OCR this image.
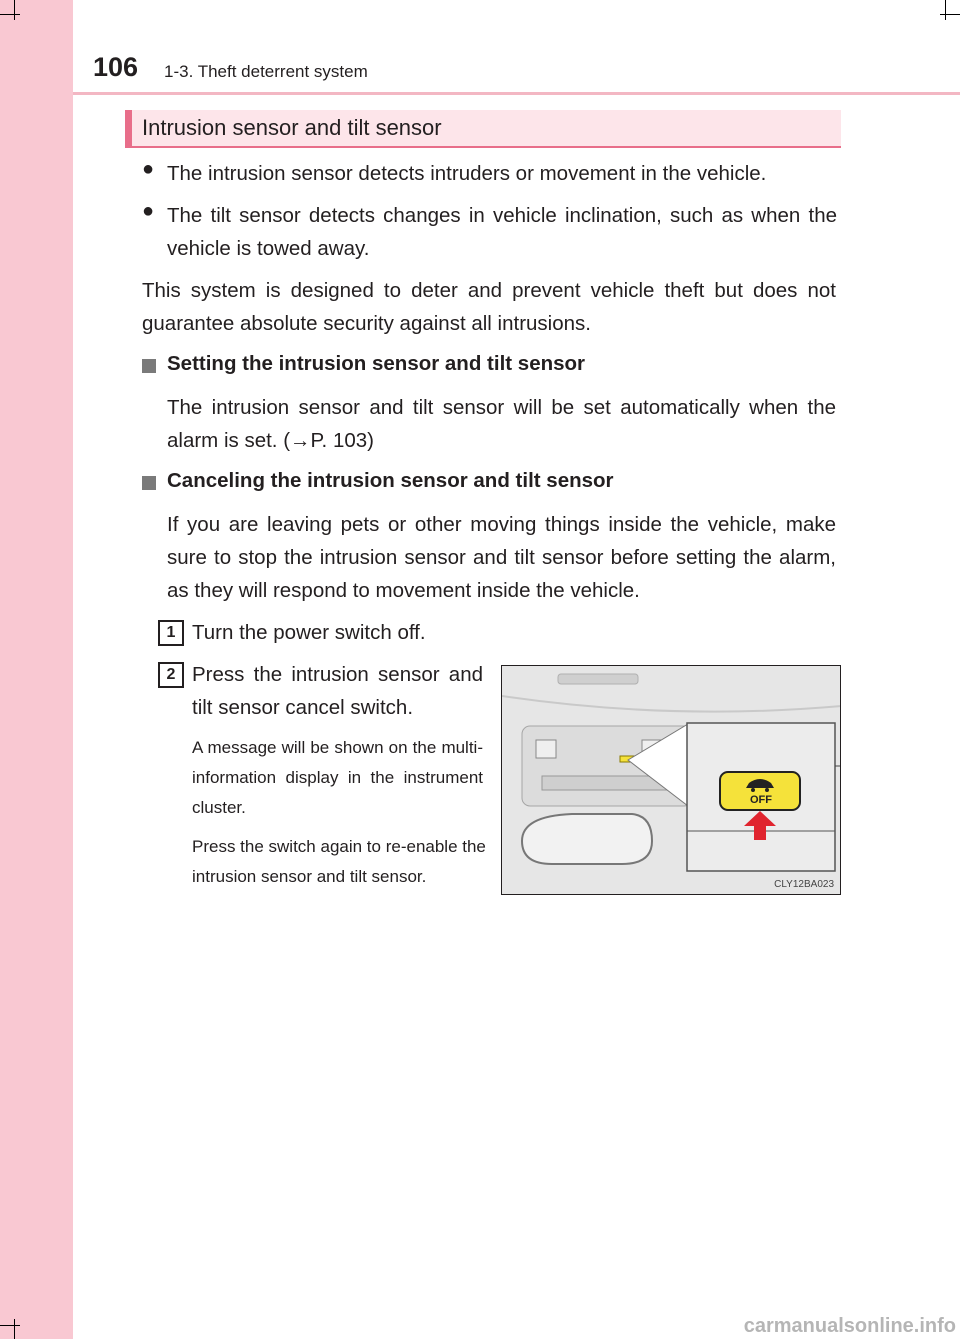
106 1-3. Theft deterrent system
Intrusion sensor and tilt sensor
● The intrusion sensor detects intruders or movement in the vehicle.
● The tilt sensor detects changes in vehicle inclination, such as when the vehicle is towed away.
This system is designed to deter and prevent vehicle theft but does not guarantee absolute security against all intrusions.
Setting the intrusion sensor and tilt sensor
The intrusion sensor and tilt sensor will be set automatically when the alarm is set. (→P. 103)
Canceling the intrusion sensor and tilt sensor
If you are leaving pets or other moving things inside the vehicle, make sure to stop the intrusion sensor and tilt sensor before setting the alarm, as they will respond to movement inside the vehicle.
1 Turn the power switch off.
2 Press the intrusion sensor and tilt sensor cancel switch.
A message will be shown on the multi-information display in the instrument cluster.
Press the switch again to re-enable the intrusion sensor and tilt sensor.
OFF
CLY12BA023
carmanualsonline.info
